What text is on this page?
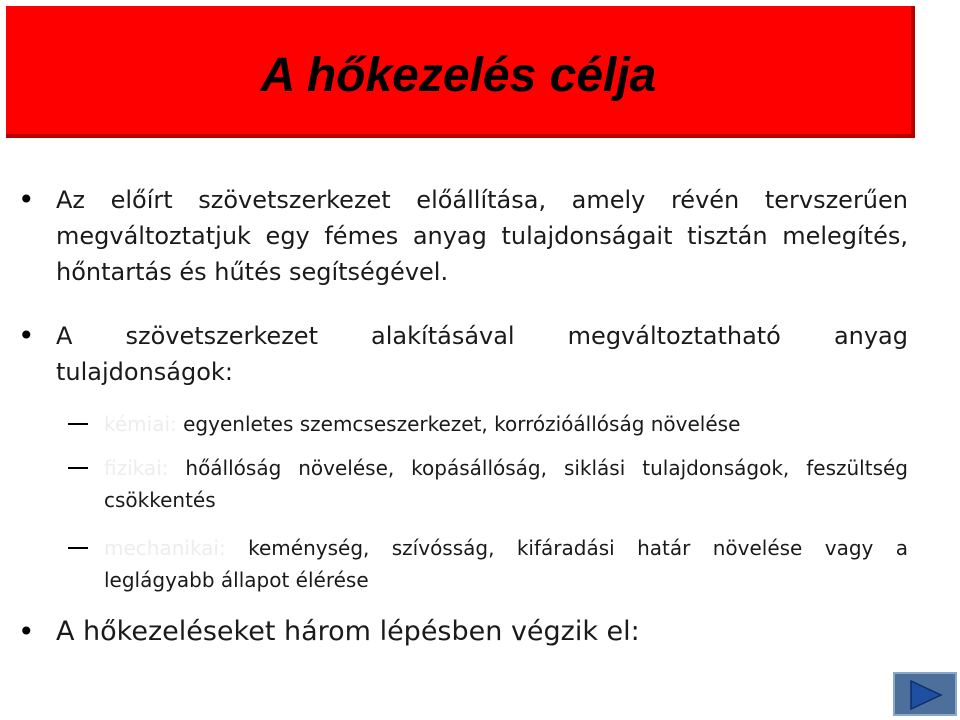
A hőkezelés célja
• Az előírt szövetszerkezet előállítása, amely révén tervszerűen megváltoztatjuk egy fémes anyag tulajdonságait tisztán melegítés, hőntartás és hűtés segítségével.
• A szövetszerkezet alakításával megváltoztatható anyag tulajdonságok:
kémiai: egyenletes szemcseszerkezet, korrózióállóság növelése
fizikai: hőállóság növelése, kopásállóság, siklási tulajdonságok, feszültség csökkentés
mechanikai: keménység, szívósság, kifáradási határ növelése vagy a leglágyabb állapot élérése
• A hőkezeléseket három lépésben végzik el:
